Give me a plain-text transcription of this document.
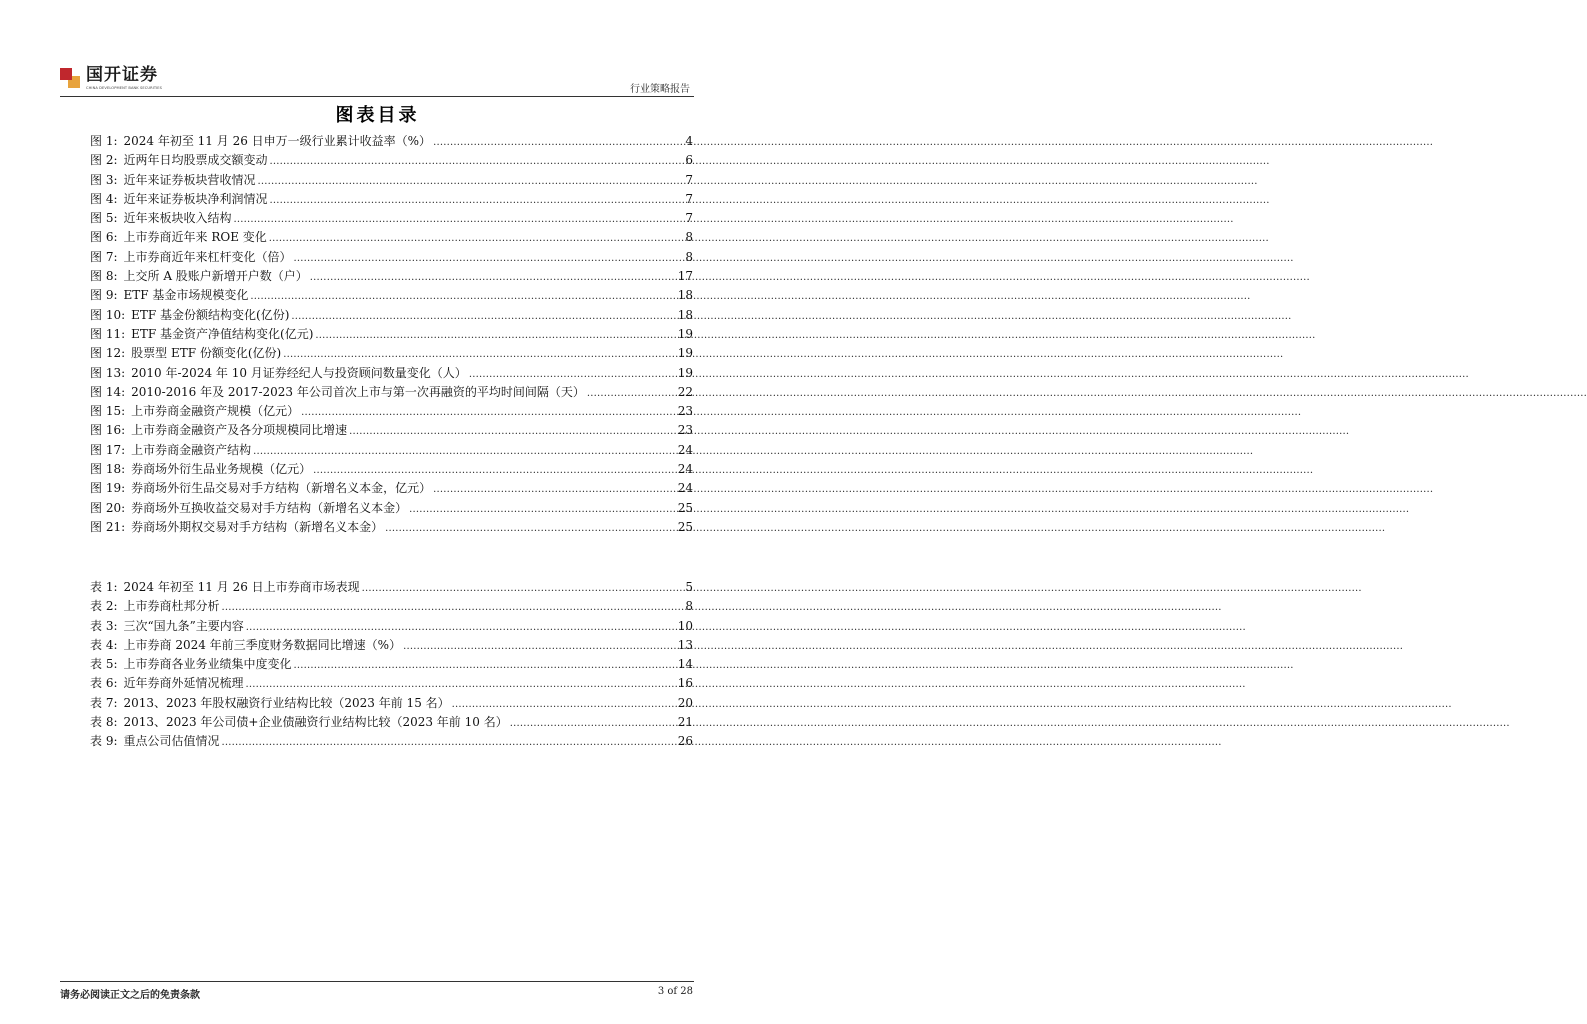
国开证券
CHINA DEVELOPMENT BANK SECURITIES	行业策略报告
图表目录
图 1: 2024 年初至 11 月 26 日申万一级行业累计收益率（%） .....	4
图 2: 近两年日均股票成交额变动 .....	6
图 3: 近年来证券板块营收情况 .....	7
图 4: 近年来证券板块净利润情况 .....	7
图 5: 近年来板块收入结构 .....	7
图 6: 上市券商近年来 ROE 变化 .....	8
图 7: 上市券商近年来杠杆变化（倍） .....	8
图 8: 上交所 A 股账户新增开户数（户） .....	17
图 9: ETF 基金市场规模变化 .....	18
图 10: ETF 基金份额结构变化(亿份) .....	18
图 11: ETF 基金资产净值结构变化(亿元) .....	19
图 12: 股票型 ETF 份额变化(亿份) .....	19
图 13: 2010 年-2024 年 10 月证券经纪人与投资顾问数量变化（人） .....	19
图 14: 2010-2016 年及 2017-2023 年公司首次上市与第一次再融资的平均时间间隔（天） .....	22
图 15: 上市券商金融资产规模（亿元） .....	23
图 16: 上市券商金融资产及各分项规模同比增速 .....	23
图 17: 上市券商金融资产结构 .....	24
图 18: 券商场外衍生品业务规模（亿元） .....	24
图 19: 券商场外衍生品交易对手方结构（新增名义本金，亿元） .....	24
图 20: 券商场外互换收益交易对手方结构（新增名义本金） .....	25
图 21: 券商场外期权交易对手方结构（新增名义本金） .....	25
表 1: 2024 年初至 11 月 26 日上市券商市场表现 .....	5
表 2: 上市券商杜邦分析 .....	8
表 3: 三次“国九条”主要内容 .....	10
表 4: 上市券商 2024 年前三季度财务数据同比增速（%） .....	13
表 5: 上市券商各业务业绩集中度变化 .....	14
表 6: 近年券商外延情况梳理 .....	16
表 7: 2013、2023 年股权融资行业结构比较（2023 年前 15 名） .....	20
表 8: 2013、2023 年公司债+企业债融资行业结构比较（2023 年前 10 名） .....	21
表 9: 重点公司估值情况 .....	26
请务必阅读正文之后的免责条款	3 of 28
